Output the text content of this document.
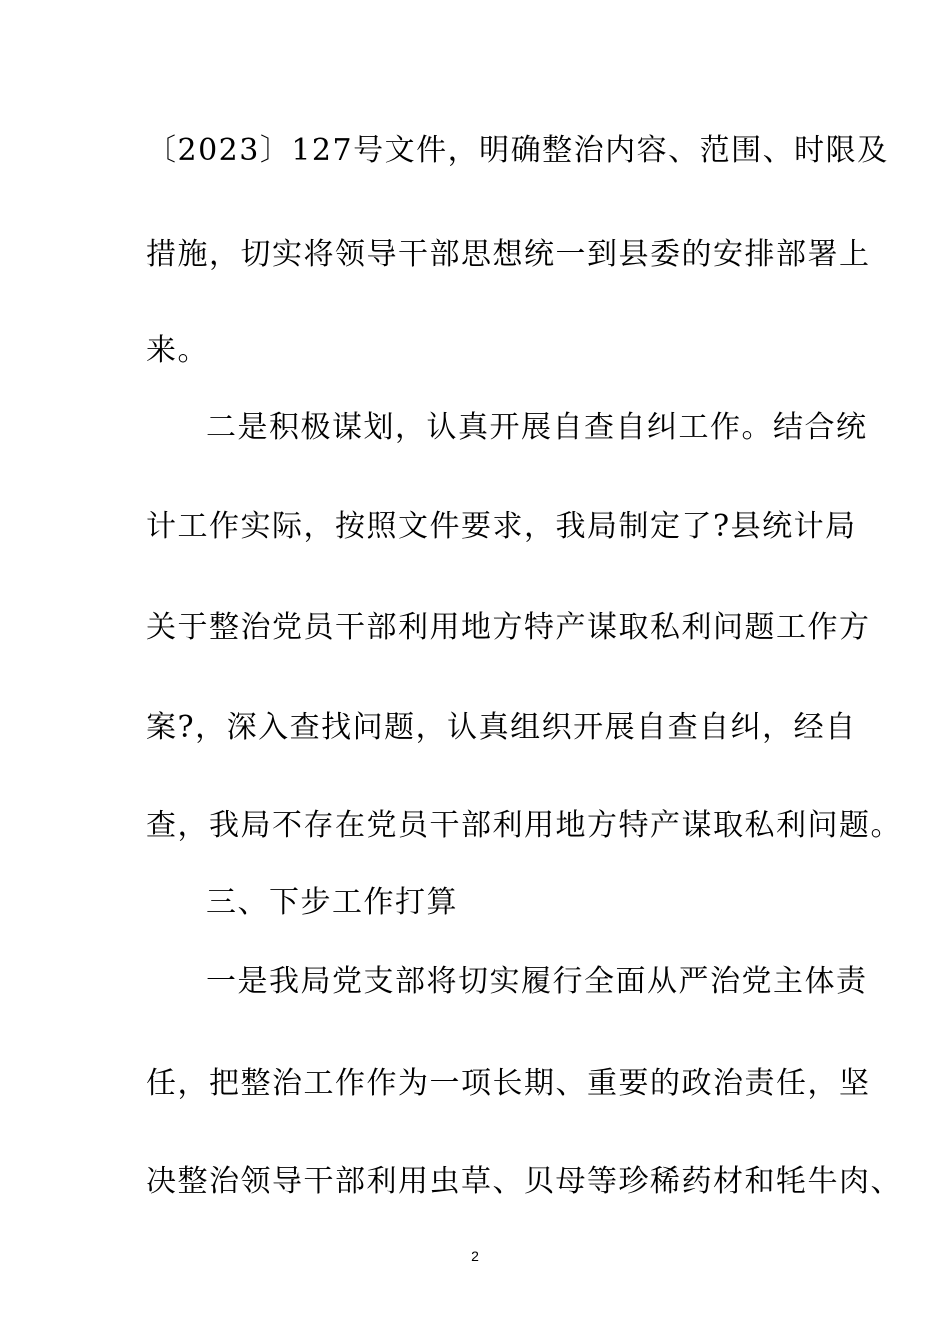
〔2023〕127号文件，明确整治内容、范围、时限及
措施，切实将领导干部思想统一到县委的安排部署上
来。
二是积极谋划，认真开展自查自纠工作。结合统
计工作实际，按照文件要求，我局制定了?县统计局
关于整治党员干部利用地方特产谋取私利问题工作方
案?，深入查找问题，认真组织开展自查自纠，经自
查，我局不存在党员干部利用地方特产谋取私利问题。
三、下步工作打算
一是我局党支部将切实履行全面从严治党主体责
任，把整治工作作为一项长期、重要的政治责任，坚
决整治领导干部利用虫草、贝母等珍稀药材和牦牛肉、
2
